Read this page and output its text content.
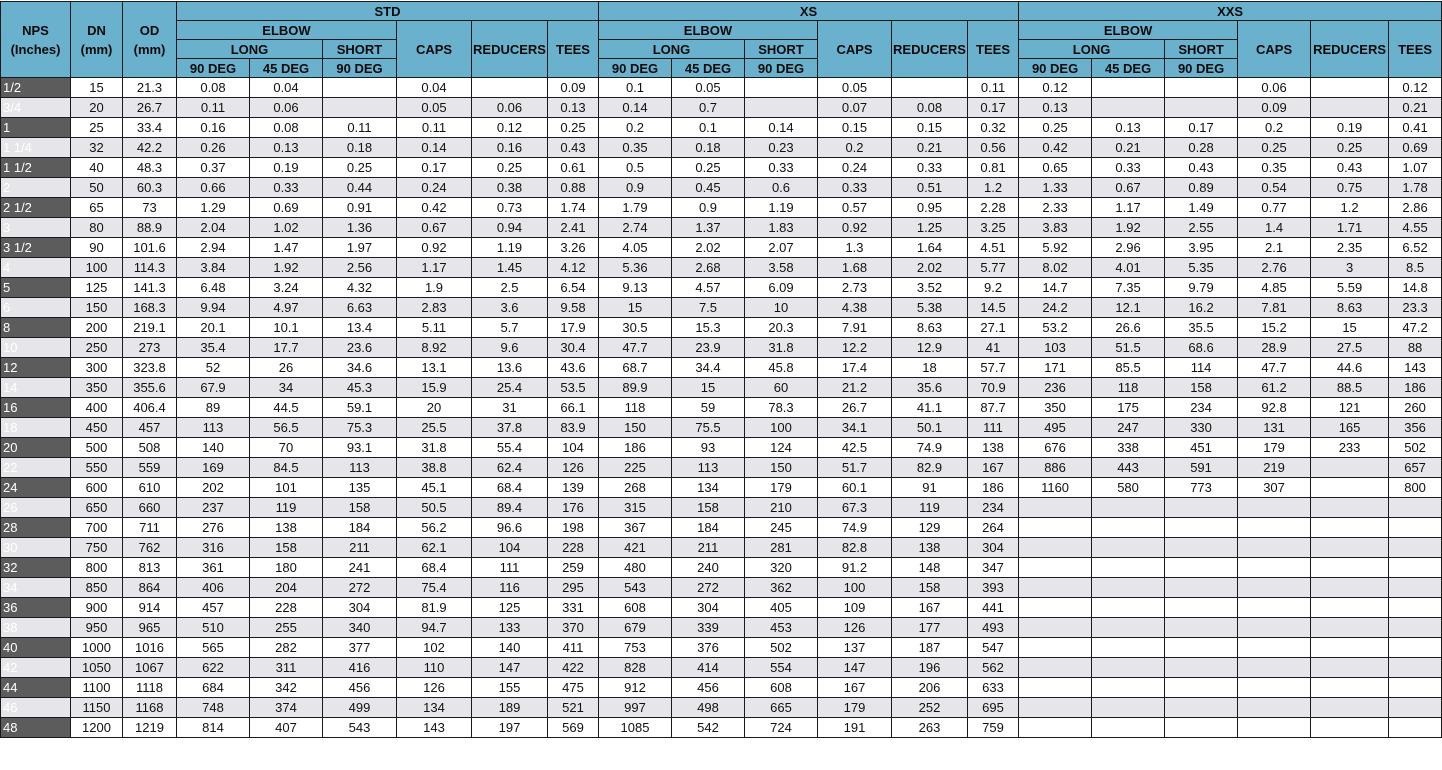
NPS
(Inches)	DN
(mm)	OD
(mm)	STD						XS						XXS					
			ELBOW			CAPS	REDUCERS	TEES	ELBOW			CAPS	REDUCERS	TEES	ELBOW			CAPS	REDUCERS	TEES
			LONG		SHORT				LONG		SHORT				LONG		SHORT			
			90 DEG	45 DEG	90 DEG				90 DEG	45 DEG	90 DEG				90 DEG	45 DEG	90 DEG			
1/2	15	21.3	0.08	0.04		0.04		0.09	0.1	0.05		0.05		0.11	0.12			0.06		0.12
3/4	20	26.7	0.11	0.06		0.05	0.06	0.13	0.14	0.7		0.07	0.08	0.17	0.13			0.09		0.21
1	25	33.4	0.16	0.08	0.11	0.11	0.12	0.25	0.2	0.1	0.14	0.15	0.15	0.32	0.25	0.13	0.17	0.2	0.19	0.41
1 1/4	32	42.2	0.26	0.13	0.18	0.14	0.16	0.43	0.35	0.18	0.23	0.2	0.21	0.56	0.42	0.21	0.28	0.25	0.25	0.69
1 1/2	40	48.3	0.37	0.19	0.25	0.17	0.25	0.61	0.5	0.25	0.33	0.24	0.33	0.81	0.65	0.33	0.43	0.35	0.43	1.07
2	50	60.3	0.66	0.33	0.44	0.24	0.38	0.88	0.9	0.45	0.6	0.33	0.51	1.2	1.33	0.67	0.89	0.54	0.75	1.78
2 1/2	65	73	1.29	0.69	0.91	0.42	0.73	1.74	1.79	0.9	1.19	0.57	0.95	2.28	2.33	1.17	1.49	0.77	1.2	2.86
3	80	88.9	2.04	1.02	1.36	0.67	0.94	2.41	2.74	1.37	1.83	0.92	1.25	3.25	3.83	1.92	2.55	1.4	1.71	4.55
3 1/2	90	101.6	2.94	1.47	1.97	0.92	1.19	3.26	4.05	2.02	2.07	1.3	1.64	4.51	5.92	2.96	3.95	2.1	2.35	6.52
4	100	114.3	3.84	1.92	2.56	1.17	1.45	4.12	5.36	2.68	3.58	1.68	2.02	5.77	8.02	4.01	5.35	2.76	3	8.5
5	125	141.3	6.48	3.24	4.32	1.9	2.5	6.54	9.13	4.57	6.09	2.73	3.52	9.2	14.7	7.35	9.79	4.85	5.59	14.8
6	150	168.3	9.94	4.97	6.63	2.83	3.6	9.58	15	7.5	10	4.38	5.38	14.5	24.2	12.1	16.2	7.81	8.63	23.3
8	200	219.1	20.1	10.1	13.4	5.11	5.7	17.9	30.5	15.3	20.3	7.91	8.63	27.1	53.2	26.6	35.5	15.2	15	47.2
10	250	273	35.4	17.7	23.6	8.92	9.6	30.4	47.7	23.9	31.8	12.2	12.9	41	103	51.5	68.6	28.9	27.5	88
12	300	323.8	52	26	34.6	13.1	13.6	43.6	68.7	34.4	45.8	17.4	18	57.7	171	85.5	114	47.7	44.6	143
14	350	355.6	67.9	34	45.3	15.9	25.4	53.5	89.9	15	60	21.2	35.6	70.9	236	118	158	61.2	88.5	186
16	400	406.4	89	44.5	59.1	20	31	66.1	118	59	78.3	26.7	41.1	87.7	350	175	234	92.8	121	260
18	450	457	113	56.5	75.3	25.5	37.8	83.9	150	75.5	100	34.1	50.1	111	495	247	330	131	165	356
20	500	508	140	70	93.1	31.8	55.4	104	186	93	124	42.5	74.9	138	676	338	451	179	233	502
22	550	559	169	84.5	113	38.8	62.4	126	225	113	150	51.7	82.9	167	886	443	591	219		657
24	600	610	202	101	135	45.1	68.4	139	268	134	179	60.1	91	186	1160	580	773	307		800
26	650	660	237	119	158	50.5	89.4	176	315	158	210	67.3	119	234						
28	700	711	276	138	184	56.2	96.6	198	367	184	245	74.9	129	264						
30	750	762	316	158	211	62.1	104	228	421	211	281	82.8	138	304						
32	800	813	361	180	241	68.4	111	259	480	240	320	91.2	148	347						
34	850	864	406	204	272	75.4	116	295	543	272	362	100	158	393						
36	900	914	457	228	304	81.9	125	331	608	304	405	109	167	441						
38	950	965	510	255	340	94.7	133	370	679	339	453	126	177	493						
40	1000	1016	565	282	377	102	140	411	753	376	502	137	187	547						
42	1050	1067	622	311	416	110	147	422	828	414	554	147	196	562						
44	1100	1118	684	342	456	126	155	475	912	456	608	167	206	633						
46	1150	1168	748	374	499	134	189	521	997	498	665	179	252	695						
48	1200	1219	814	407	543	143	197	569	1085	542	724	191	263	759						
